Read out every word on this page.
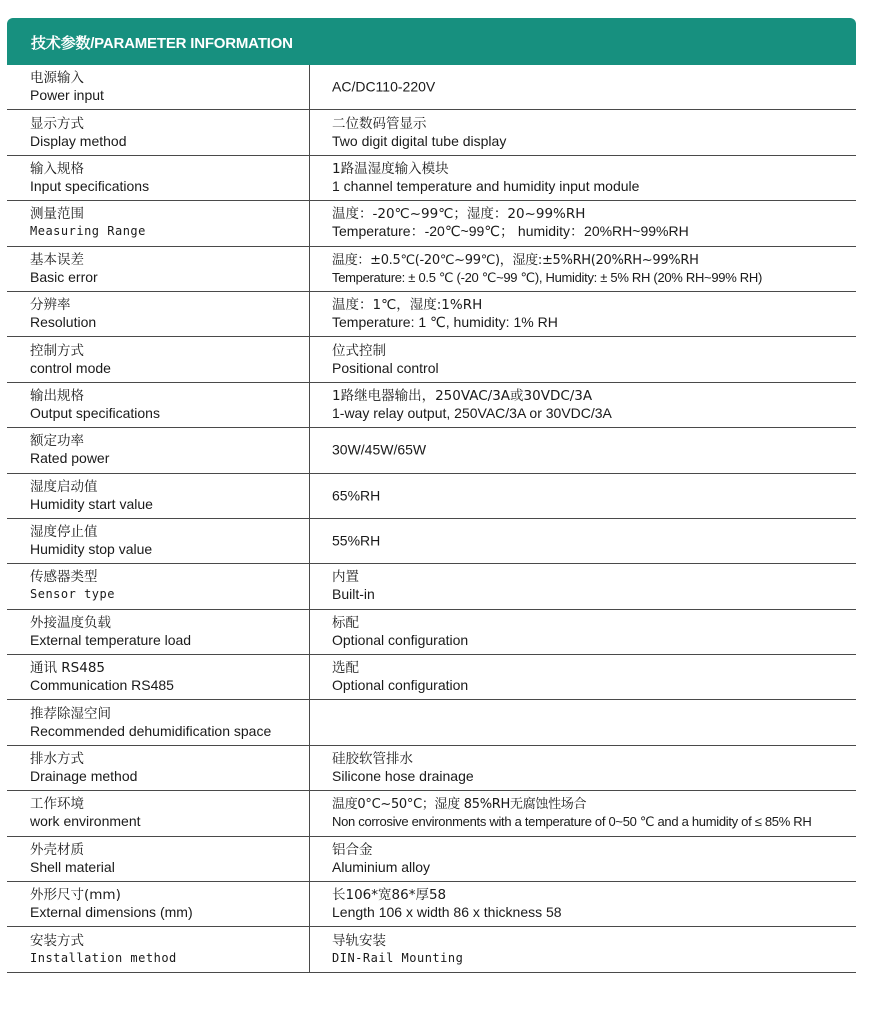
技术参数/PARAMETER INFORMATION
电源输入
Power input
AC/DC110-220V
显示方式
Display method
二位数码管显示
Two digit digital tube display
输入规格
Input specifications
1路温湿度输入模块
1 channel temperature and humidity input module
测量范围
Measuring Range
温度：-20℃~99℃；湿度：20~99%RH
Temperature：-20℃~99℃； humidity：20%RH~99%RH
基本误差
Basic error
温度：±0.5℃(-20℃~99℃)，湿度:±5%RH(20%RH~99%RH
Temperature: ± 0.5 ℃ (-20 ℃~99 ℃), Humidity: ± 5% RH (20% RH~99% RH)
分辨率
Resolution
温度：1℃，湿度:1%RH
Temperature: 1 ℃, humidity: 1% RH
控制方式
control mode
位式控制
Positional control
输出规格
Output specifications
1路继电器输出，250VAC/3A或30VDC/3A
1-way relay output, 250VAC/3A or 30VDC/3A
额定功率
Rated power
30W/45W/65W
湿度启动值
Humidity start value
65%RH
湿度停止值
Humidity stop value
55%RH
传感器类型
Sensor type
内置
Built-in
外接温度负载
External temperature load
标配
Optional configuration
通讯 RS485
Communication RS485
选配
Optional configuration
推荐除湿空间
Recommended dehumidification space
排水方式
Drainage method
硅胶软管排水
Silicone hose drainage
工作环境
work environment
温度0°C~50°C；湿度 85%RH无腐蚀性场合
Non corrosive environments with a temperature of 0~50 ℃ and a humidity of ≤ 85% RH
外壳材质
Shell material
铝合金
Aluminium alloy
外形尺寸(mm)
External dimensions (mm)
长106*宽86*厚58
Length 106 x width 86 x thickness 58
安装方式
Installation method
导轨安装
DIN-Rail Mounting
